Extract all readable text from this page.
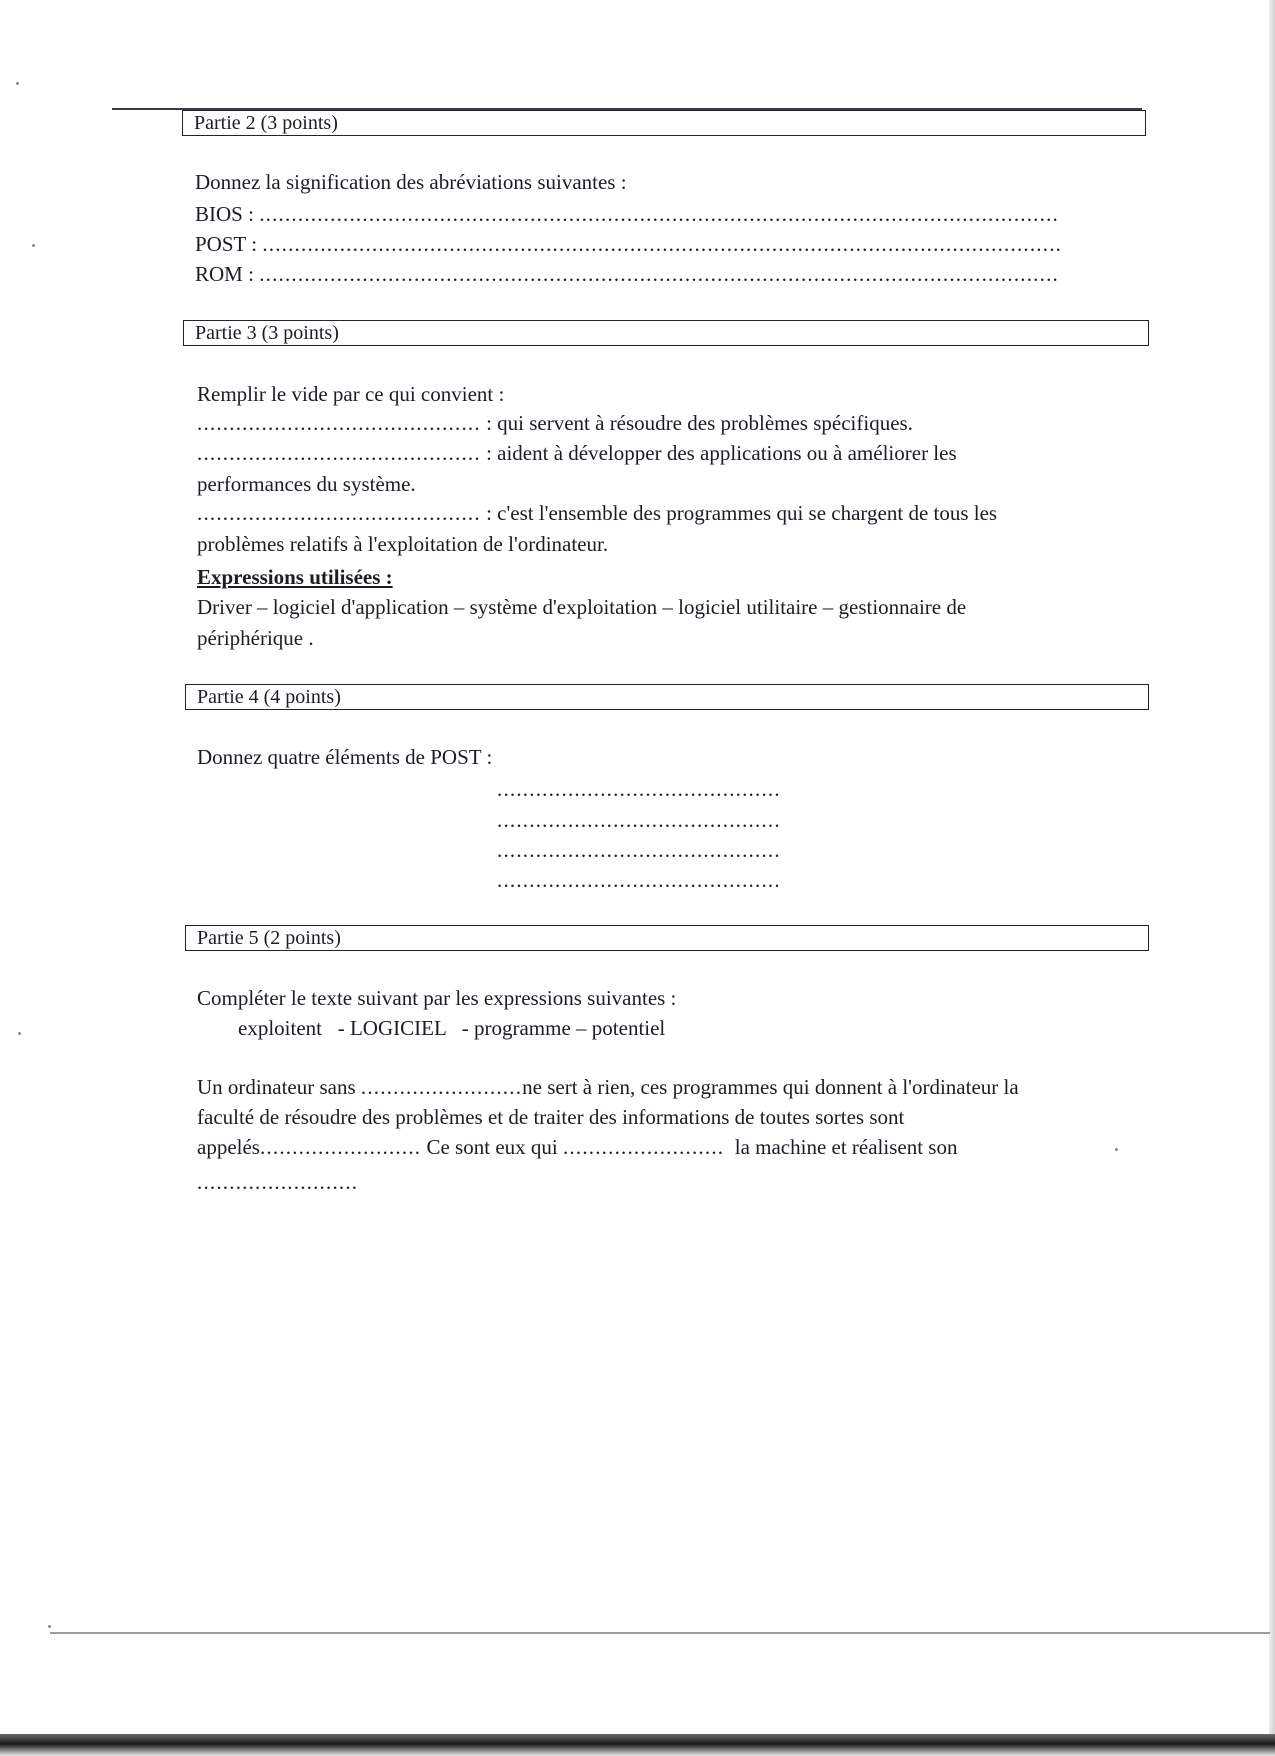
Partie 2 (3 points)
Donnez la signification des abréviations suivantes :
BIOS : ............................................................................................................................
POST : ............................................................................................................................
ROM : ............................................................................................................................
Partie 3 (3 points)
Remplir le vide par ce qui convient :
............................................ : qui servent à résoudre des problèmes spécifiques.
............................................ : aident à développer des applications ou à améliorer les
performances du système.
............................................ : c'est l'ensemble des programmes qui se chargent de tous les
problèmes relatifs à l'exploitation de l'ordinateur.
Expressions utilisées :
Driver – logiciel d'application – système d'exploitation – logiciel utilitaire – gestionnaire de
périphérique .
Partie 4 (4 points)
Donnez quatre éléments de POST :
............................................
............................................
............................................
............................................
Partie 5 (2 points)
Compléter le texte suivant par les expressions suivantes :
exploitent   - LOGICIEL   - programme – potentiel
Un ordinateur sans .........................ne sert à rien, ces programmes qui donnent à l'ordinateur la
faculté de résoudre des problèmes et de traiter des informations de toutes sortes sont
appelés......................... Ce sont eux qui ......................... la machine et réalisent son
.........................
